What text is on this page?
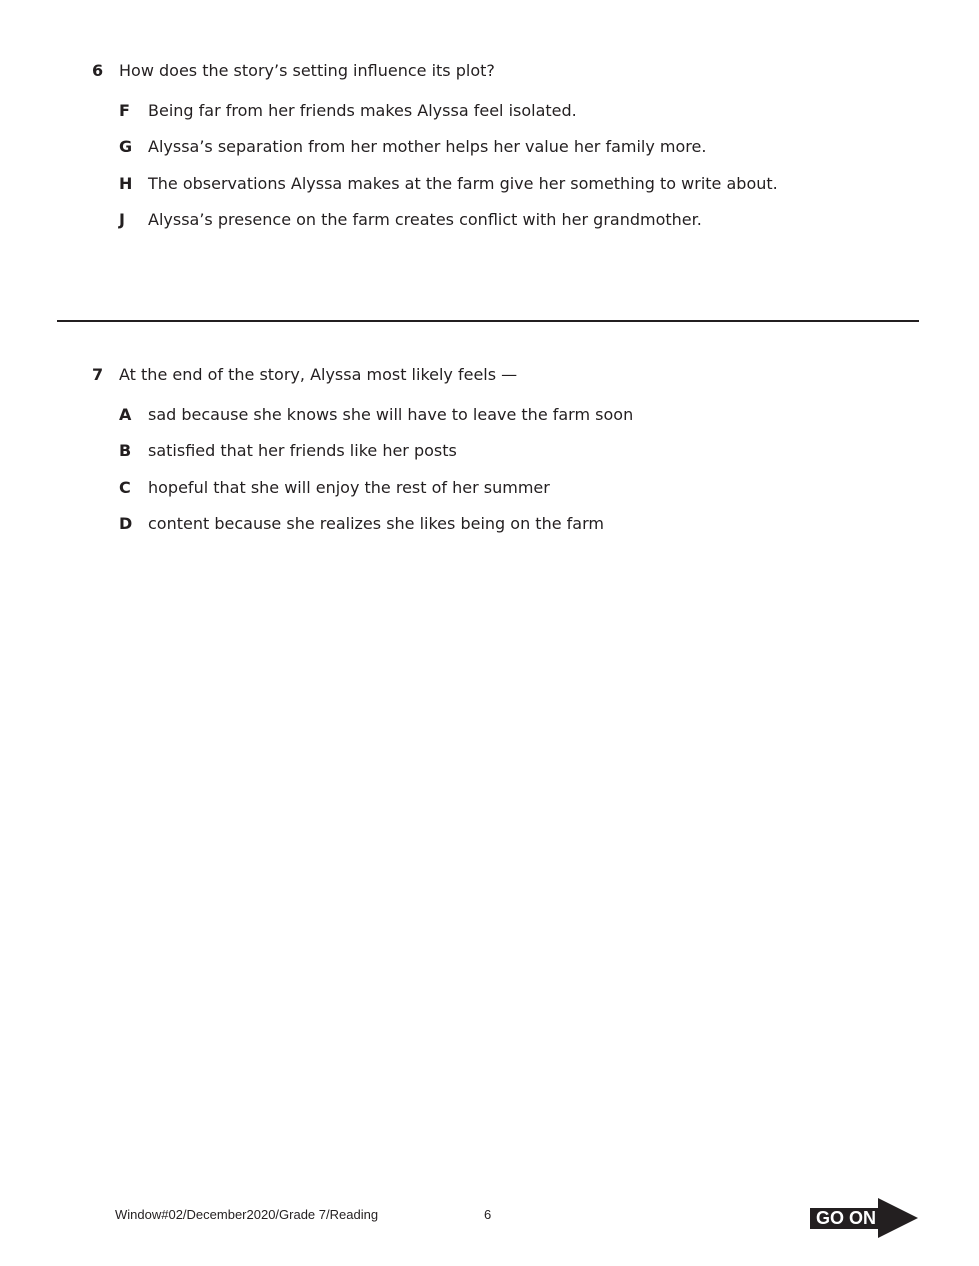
6 How does the story’s setting influence its plot?
F	Being far from her friends makes Alyssa feel isolated.
G Alyssa’s separation from her mother helps her value her family more.
H The observations Alyssa makes at the farm give her something to write about.
J	Alyssa’s presence on the farm creates conflict with her grandmother.
7 At the end of the story, Alyssa most likely feels —
A	sad because she knows she will have to leave the farm soon
B	satisfied that her friends like her posts
C	hopeful that she will enjoy the rest of her summer
D content because she realizes she likes being on the farm
Window#02/December2020/Grade 7/Reading	6	GO ON
